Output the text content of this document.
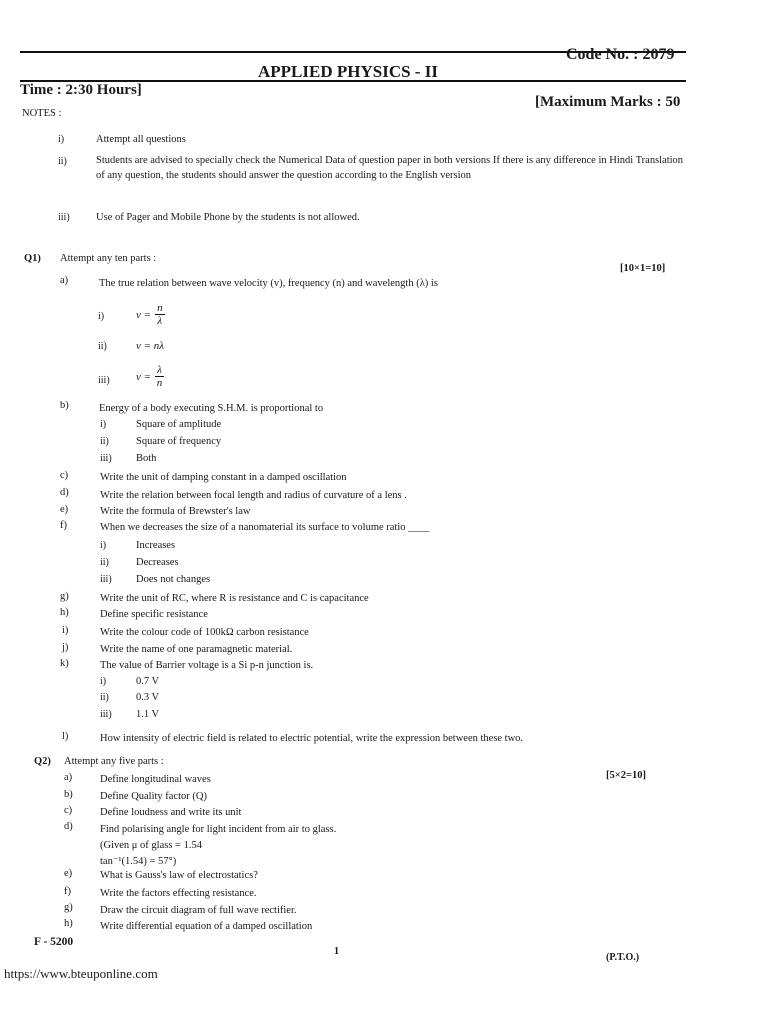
Code No. : 2079
APPLIED PHYSICS - II
Time : 2:30 Hours]
[Maximum Marks : 50
NOTES :
i)	Attempt all questions
ii)	Students are advised to specially check the Numerical Data of question paper in both versions If there is any difference in Hindi Translation of any question, the students should answer the question according to the English version
iii)	Use of Pager and Mobile Phone by the students is not allowed.
Q1) Attempt any ten parts :
[10×1=10]
a)	The true relation between wave velocity (v), frequency (n) and wavelength (λ) is
i)	$v = \frac{n}{\lambda}$
ii)	v = nλ
iii) $v = \frac{\lambda}{n}$
b)	Energy of a body executing S.H.M. is proportional to
i)	Square of amplitude
ii)	Square of frequency
iii) Both
c)	Write the unit of damping constant in a damped oscillation
d)	Write the relation between focal length and radius of curvature of a lens .
e)	Write the formula of Brewster's law
f)	When we decreases the size of a nanomaterial its surface to volume ratio ____
i)	Increases
ii)	Decreases
iii) Does not changes
g)	Write the unit of RC, where R is resistance and C is capacitance
h)	Define specific resistance
i)	Write the colour code of 100kΩ carbon resistance
j)	Write the name of one paramagnetic material.
k)	The value of Barrier voltage is a Si p-n junction is.
i)	0.7 V
ii)	0.3 V
iii) 1.1 V
l)	How intensity of electric field is related to electric potential, write the expression between these two.
Q2) Attempt any five parts :
[5×2=10]
a)	Define longitudinal waves
b)	Define Quality factor (Q)
c)	Define loudness and write its unit
d)	Find polarising angle for light incident from air to glass.
(Given μ of glass = 1.54
tan⁻¹(1.54) = 57°)
e)	What is Gauss's law of electrostatics?
f)	Write the factors effecting resistance.
g)	Draw the circuit diagram of full wave rectifier.
h)	Write differential equation of a damped oscillation
F - 5200
1
(P.T.O.)
https://www.bteuponline.com
